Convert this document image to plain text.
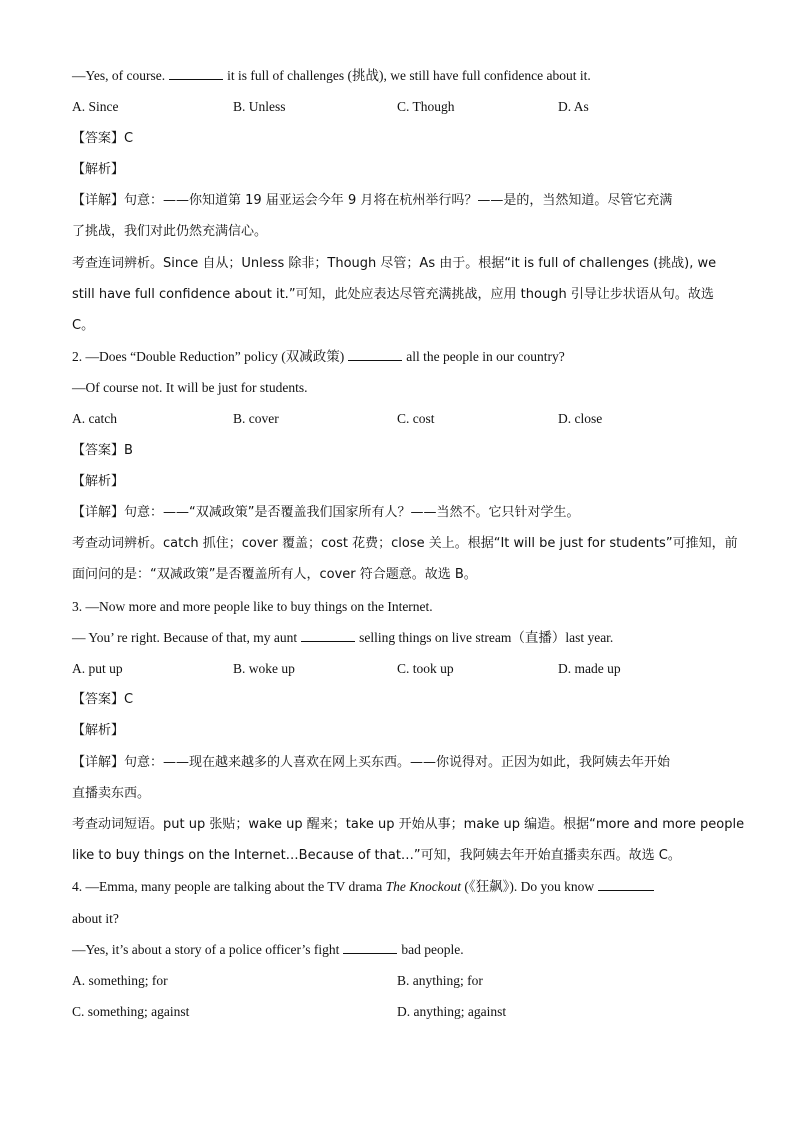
—Yes, of course.	it is full of challenges (挑战), we still have full confidence about it.
A. Since	B. Unless	C. Though	D. As
【答案】C
【解析】
【详解】句意：——你知道第 19 届亚运会今年 9 月将在杭州举行吗？——是的，当然知道。尽管它充满
了挑战，我们对此仍然充满信心。
考查连词辨析。Since 自从；Unless 除非；Though 尽管；As 由于。根据“it is full of challenges (挑战), we
still have full confidence about it.”可知，此处应表达尽管充满挑战，应用 though 引导让步状语从句。故选
C。
2. —Does “Double Reduction” policy (双减政策)	all the people in our country?
—Of course not. It will be just for students.
A. catch	B. cover	C. cost	D. close
【答案】B
【解析】
【详解】句意：——“双减政策”是否覆盖我们国家所有人？——当然不。它只针对学生。
考查动词辨析。catch 抓住；cover 覆盖；cost 花费；close 关上。根据“It will be just for students”可推知，前
面问问的是：“双减政策”是否覆盖所有人，cover 符合题意。故选 B。
3. —Now more and more people like to buy things on the Internet.
— You’ re right. Because of that, my aunt	selling things on live stream（直播）last year.
A. put up	B. woke up	C. took up	D. made up
【答案】C
【解析】
【详解】句意：——现在越来越多的人喜欢在网上买东西。——你说得对。正因为如此，我阿姨去年开始
直播卖东西。
考查动词短语。put up 张贴；wake up 醒来；take up 开始从事；make up 编造。根据“more and more people
like to buy things on the Internet…Because of that…”可知，我阿姨去年开始直播卖东西。故选 C。
4. —Emma, many people are talking about the TV drama The Knockout (《狂飙》). Do you know
about it?
—Yes, it’s about a story of a police officer’s fight	bad people.
A. something; for	B. anything; for
C. something; against	D. anything; against
